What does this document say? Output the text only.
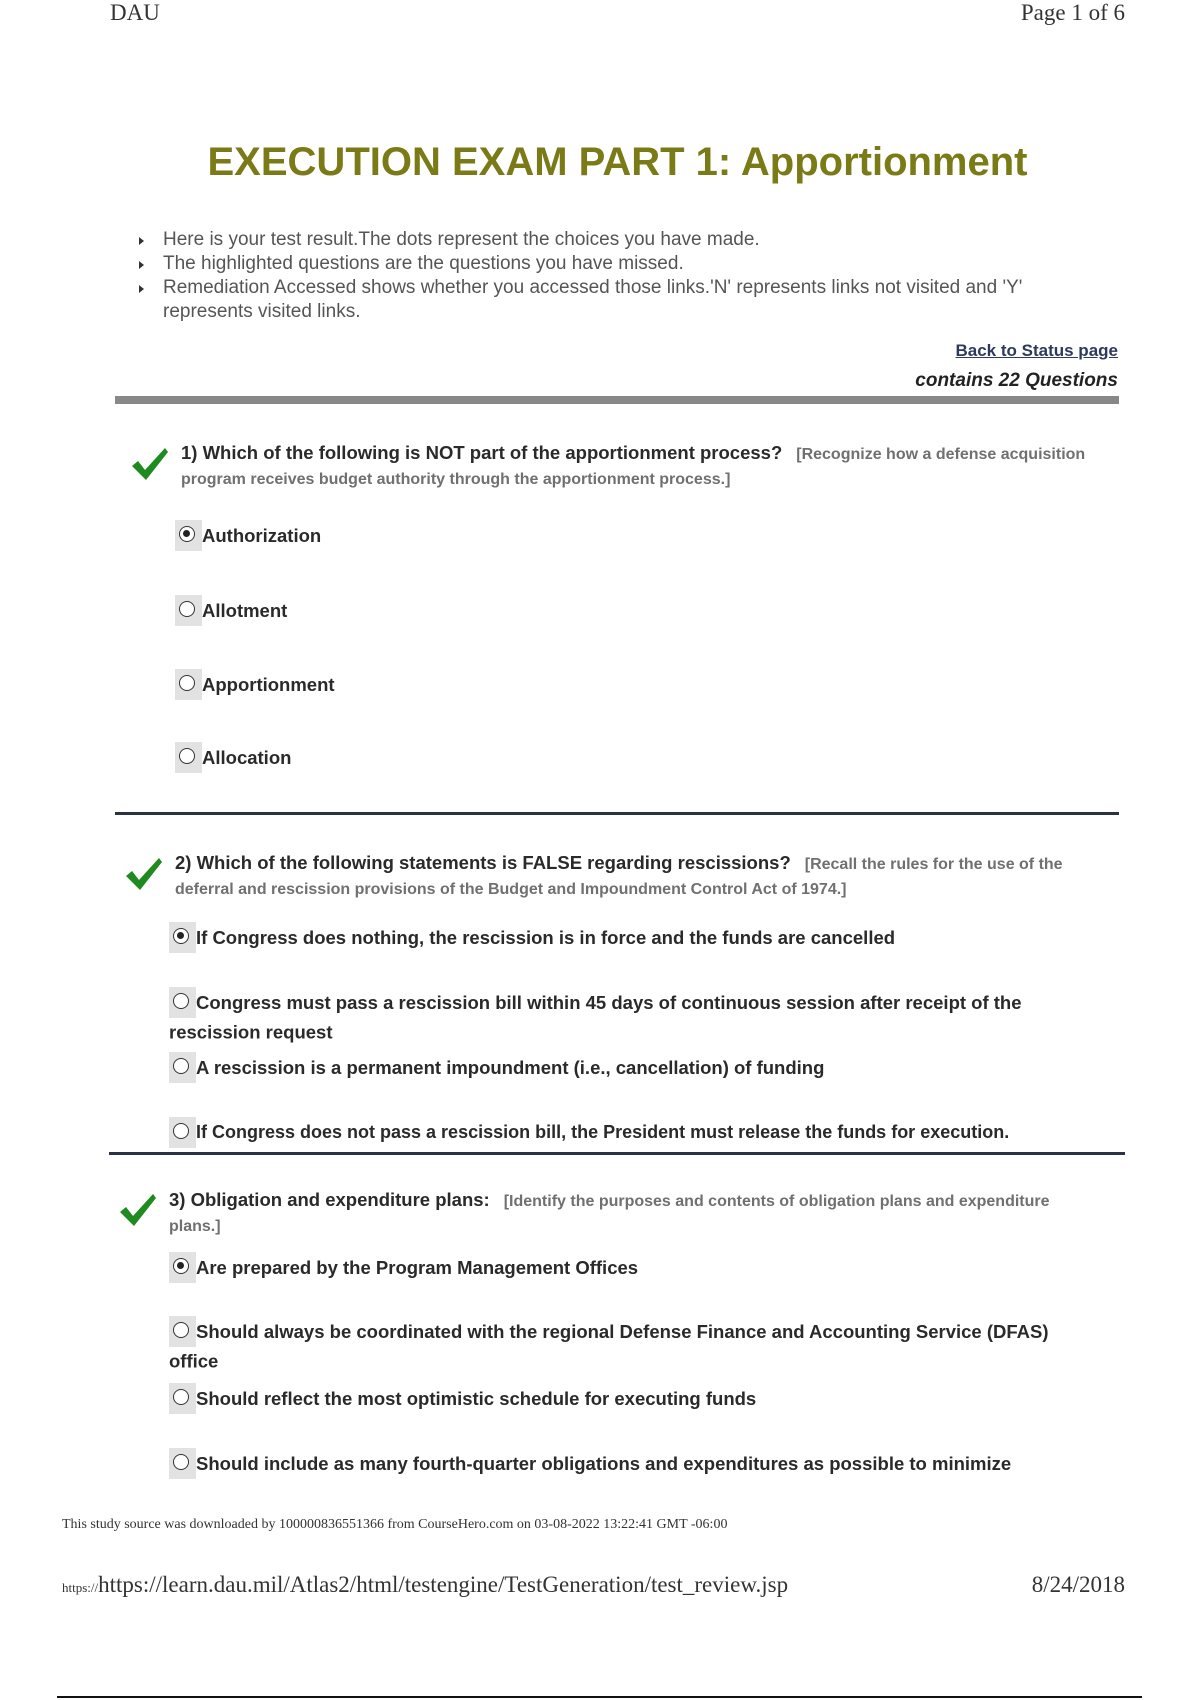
DAU	Page 1 of 6
EXECUTION EXAM PART 1: Apportionment
Here is your test result.The dots represent the choices you have made.
The highlighted questions are the questions you have missed.
Remediation Accessed shows whether you accessed those links.'N' represents links not visited and 'Y' represents visited links.
Back to Status page
contains 22 Questions
1) Which of the following is NOT part of the apportionment process? [Recognize how a defense acquisition program receives budget authority through the apportionment process.]
Authorization
Allotment
Apportionment
Allocation
2) Which of the following statements is FALSE regarding rescissions? [Recall the rules for the use of the deferral and rescission provisions of the Budget and Impoundment Control Act of 1974.]
If Congress does nothing, the rescission is in force and the funds are cancelled
Congress must pass a rescission bill within 45 days of continuous session after receipt of the rescission request
A rescission is a permanent impoundment (i.e., cancellation) of funding
If Congress does not pass a rescission bill, the President must release the funds for execution.
3) Obligation and expenditure plans: [Identify the purposes and contents of obligation plans and expenditure plans.]
Are prepared by the Program Management Offices
Should always be coordinated with the regional Defense Finance and Accounting Service (DFAS) office
Should reflect the most optimistic schedule for executing funds
Should include as many fourth-quarter obligations and expenditures as possible to minimize
This study source was downloaded by 100000836551366 from CourseHero.com on 03-08-2022 13:22:41 GMT -06:00
https://https://learn.dau.mil/Atlas2/html/testengine/TestGeneration/test_review.jsp	8/24/2018
